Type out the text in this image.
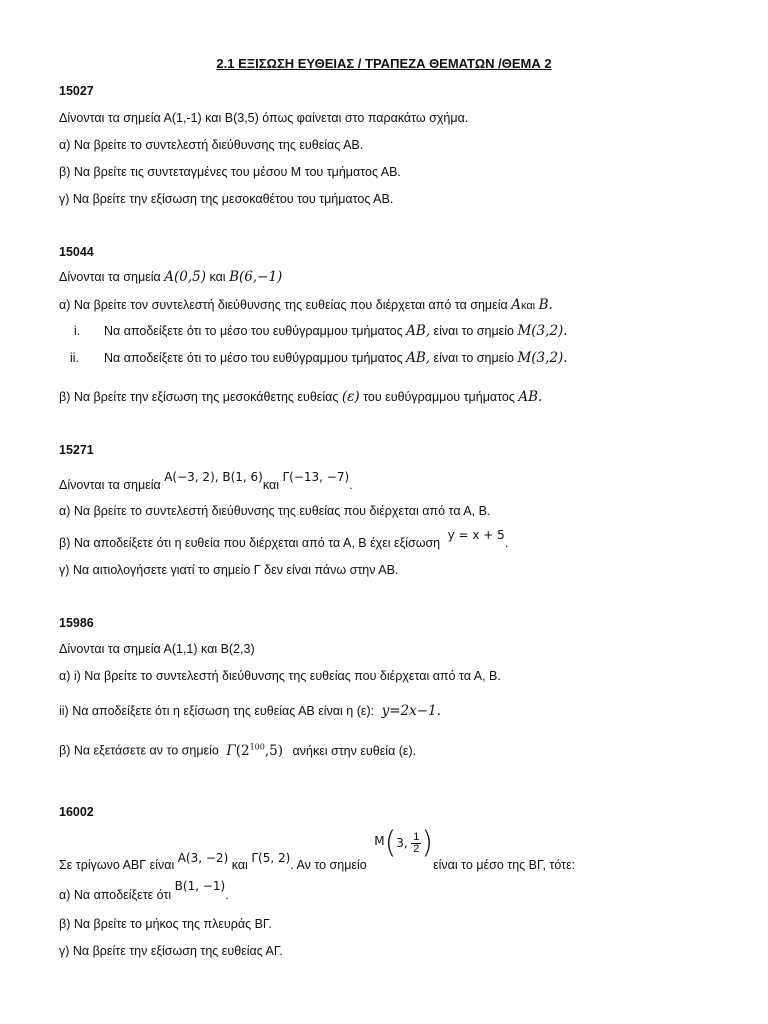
2.1 ΕΞΙΣΩΣΗ ΕΥΘΕΙΑΣ / ΤΡΑΠΕΖΑ ΘΕΜΑΤΩΝ /ΘΕΜΑ 2
15027
Δίνονται τα σημεία Α(1,-1) και Β(3,5) όπως φαίνεται στο παρακάτω σχήμα.
α) Να βρείτε το συντελεστή διεύθυνσης της ευθείας ΑΒ.
β) Να βρείτε τις συντεταγμένες του μέσου Μ του τμήματος ΑΒ.
γ) Να βρείτε την εξίσωση της μεσοκαθέτου του τμήματος ΑΒ.
15044
Δίνονται τα σημεία A(0,5) και B(6,−1)
α) Να βρείτε τον συντελεστή διεύθυνσης της ευθείας που διέρχεται από τα σημεία Aκαι B.
i. Να αποδείξετε ότι το μέσο του ευθύγραμμου τμήματος AB, είναι το σημείο M(3,2).
ii. Να αποδείξετε ότι το μέσο του ευθύγραμμου τμήματος AB, είναι το σημείο M(3,2).
β) Να βρείτε την εξίσωση της μεσοκάθετης ευθείας (ε) του ευθύγραμμου τμήματος AB.
15271
Δίνονται τα σημεία A(−3, 2), B(1, 6)και Γ(−13, −7).
α) Να βρείτε το συντελεστή διεύθυνσης της ευθείας που διέρχεται από τα Α, Β.
β) Να αποδείξετε ότι η ευθεία που διέρχεται από τα Α, Β έχει εξίσωση y = x + 5.
γ) Να αιτιολογήσετε γιατί το σημείο Γ δεν είναι πάνω στην ΑΒ.
15986
Δίνονται τα σημεία Α(1,1) και Β(2,3)
α) i) Να βρείτε το συντελεστή διεύθυνσης της ευθείας που διέρχεται από τα Α, Β.
ii) Να αποδείξετε ότι η εξίσωση της ευθείας ΑΒ είναι η (ε): y=2x−1.
β) Να εξετάσετε αν το σημείο $\Gamma(2^{100},5)$ ανήκει στην ευθεία (ε).
16002
Σε τρίγωνο ΑΒΓ είναι A(3, −2) και Γ(5, 2). Αν το σημείο M(3, $\frac{1}{2} )\varepsilon ί\nu\alpha\iota$ το μέσο της ΒΓ, τότε:
α) Να αποδείξετε ότι B(1, −1).
β) Να βρείτε το μήκος της πλευράς ΒΓ.
γ) Να βρείτε την εξίσωση της ευθείας ΑΓ.
